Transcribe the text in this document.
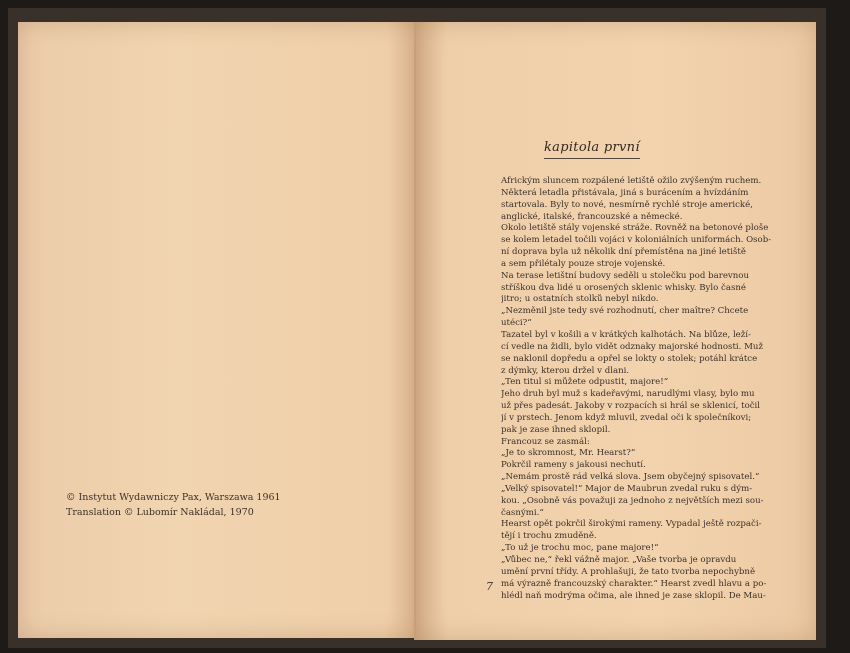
© Instytut Wydawniczy Pax, Warszawa 1961
Translation © Lubomír Nakládal, 1970
kapitola první
Africkým sluncem rozpálené letiště ožilo zvýšeným ruchem.
Některá letadla přistávala, jiná s burácením a hvízdáním
startovala. Byly to nové, nesmírně rychlé stroje americké,
anglické, italské, francouzské a německé.
Okolo letiště stály vojenské stráže. Rovněž na betonové ploše
se kolem letadel točili vojáci v koloniálních uniformách. Osob-
ní doprava byla už několik dní přemístěna na jiné letiště
a sem přilétaly pouze stroje vojenské.
Na terase letištní budovy seděli u stolečku pod barevnou
stříškou dva lidé u orosených sklenic whisky. Bylo časné
jitro; u ostatních stolků nebyl nikdo.
„Nezměnil jste tedy své rozhodnutí, cher maître? Chcete
utéci?“
Tazatel byl v košili a v krátkých kalhotách. Na blůze, leží-
cí vedle na židli, bylo vidět odznaky majorské hodnosti. Muž
se naklonil dopředu a opřel se lokty o stolek; potáhl krátce
z dýmky, kterou držel v dlani.
„Ten titul si můžete odpustit, majore!“
Jeho druh byl muž s kadeřavými, narudlými vlasy, bylo mu
už přes padesát. Jakoby v rozpacích si hrál se sklenicí, točil
jí v prstech. Jenom když mluvil, zvedal oči k společníkovi;
pak je zase ihned sklopil.
Francouz se zasmál:
„Je to skromnost, Mr. Hearst?“
Pokrčil rameny s jakousi nechutí.
„Nemám prostě rád velká slova. Jsem obyčejný spisovatel.“
„Velký spisovatel!“ Major de Maubrun zvedal ruku s dým-
kou. „Osobně vás považuji za jednoho z největších mezi sou-
časnými.“
Hearst opět pokrčil širokými rameny. Vypadal ještě rozpači-
tějí i trochu zmuděně.
„To už je trochu moc, pane majore!“
„Vůbec ne,“ řekl vážně major. „Vaše tvorba je opravdu
umění první třídy. A prohlašuji, že tato tvorba nepochybně
má výrazně francouzský charakter.“ Hearst zvedl hlavu a po-
hlédl naň modrýma očima, ale ihned je zase sklopil. De Mau-
7
